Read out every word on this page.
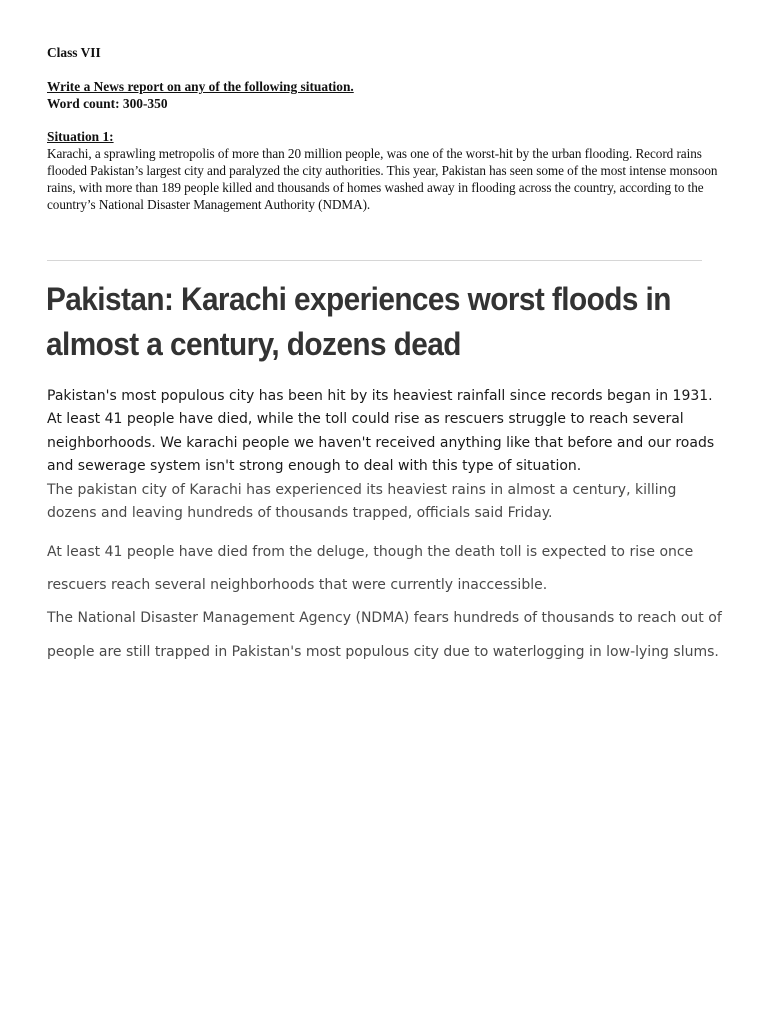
Class VII

Write a News report on any of the following situation.

Word count: 300-350

Situation 1:

Karachi, a sprawling metropolis of more than 20 million people, was one of the worst-hit by the urban flooding. Record rains flooded Pakistan’s largest city and paralyzed the city authorities. This year, Pakistan has seen some of the most intense monsoon rains, with more than 189 people killed and thousands of homes washed away in flooding across the country, according to the country’s National Disaster Management Authority (NDMA).

Pakistan: Karachi experiences worst floods in almost a century, dozens dead

Pakistan's most populous city has been hit by its heaviest rainfall since records began in 1931. At least 41 people have died, while the toll could rise as rescuers struggle to reach several neighborhoods. We karachi people we haven't received anything like that before and our roads and sewerage system isn't strong enough to deal with this type of situation.

The pakistan city of Karachi has experienced its heaviest rains in almost a century, killing dozens and leaving hundreds of thousands trapped, officials said Friday.

At least 41 people have died from the deluge, though the death toll is expected to rise once rescuers reach several neighborhoods that were currently inaccessible.

The National Disaster Management Agency (NDMA) fears hundreds of thousands to reach out of people are still trapped in Pakistan's most populous city due to waterlogging in low-lying slums.
